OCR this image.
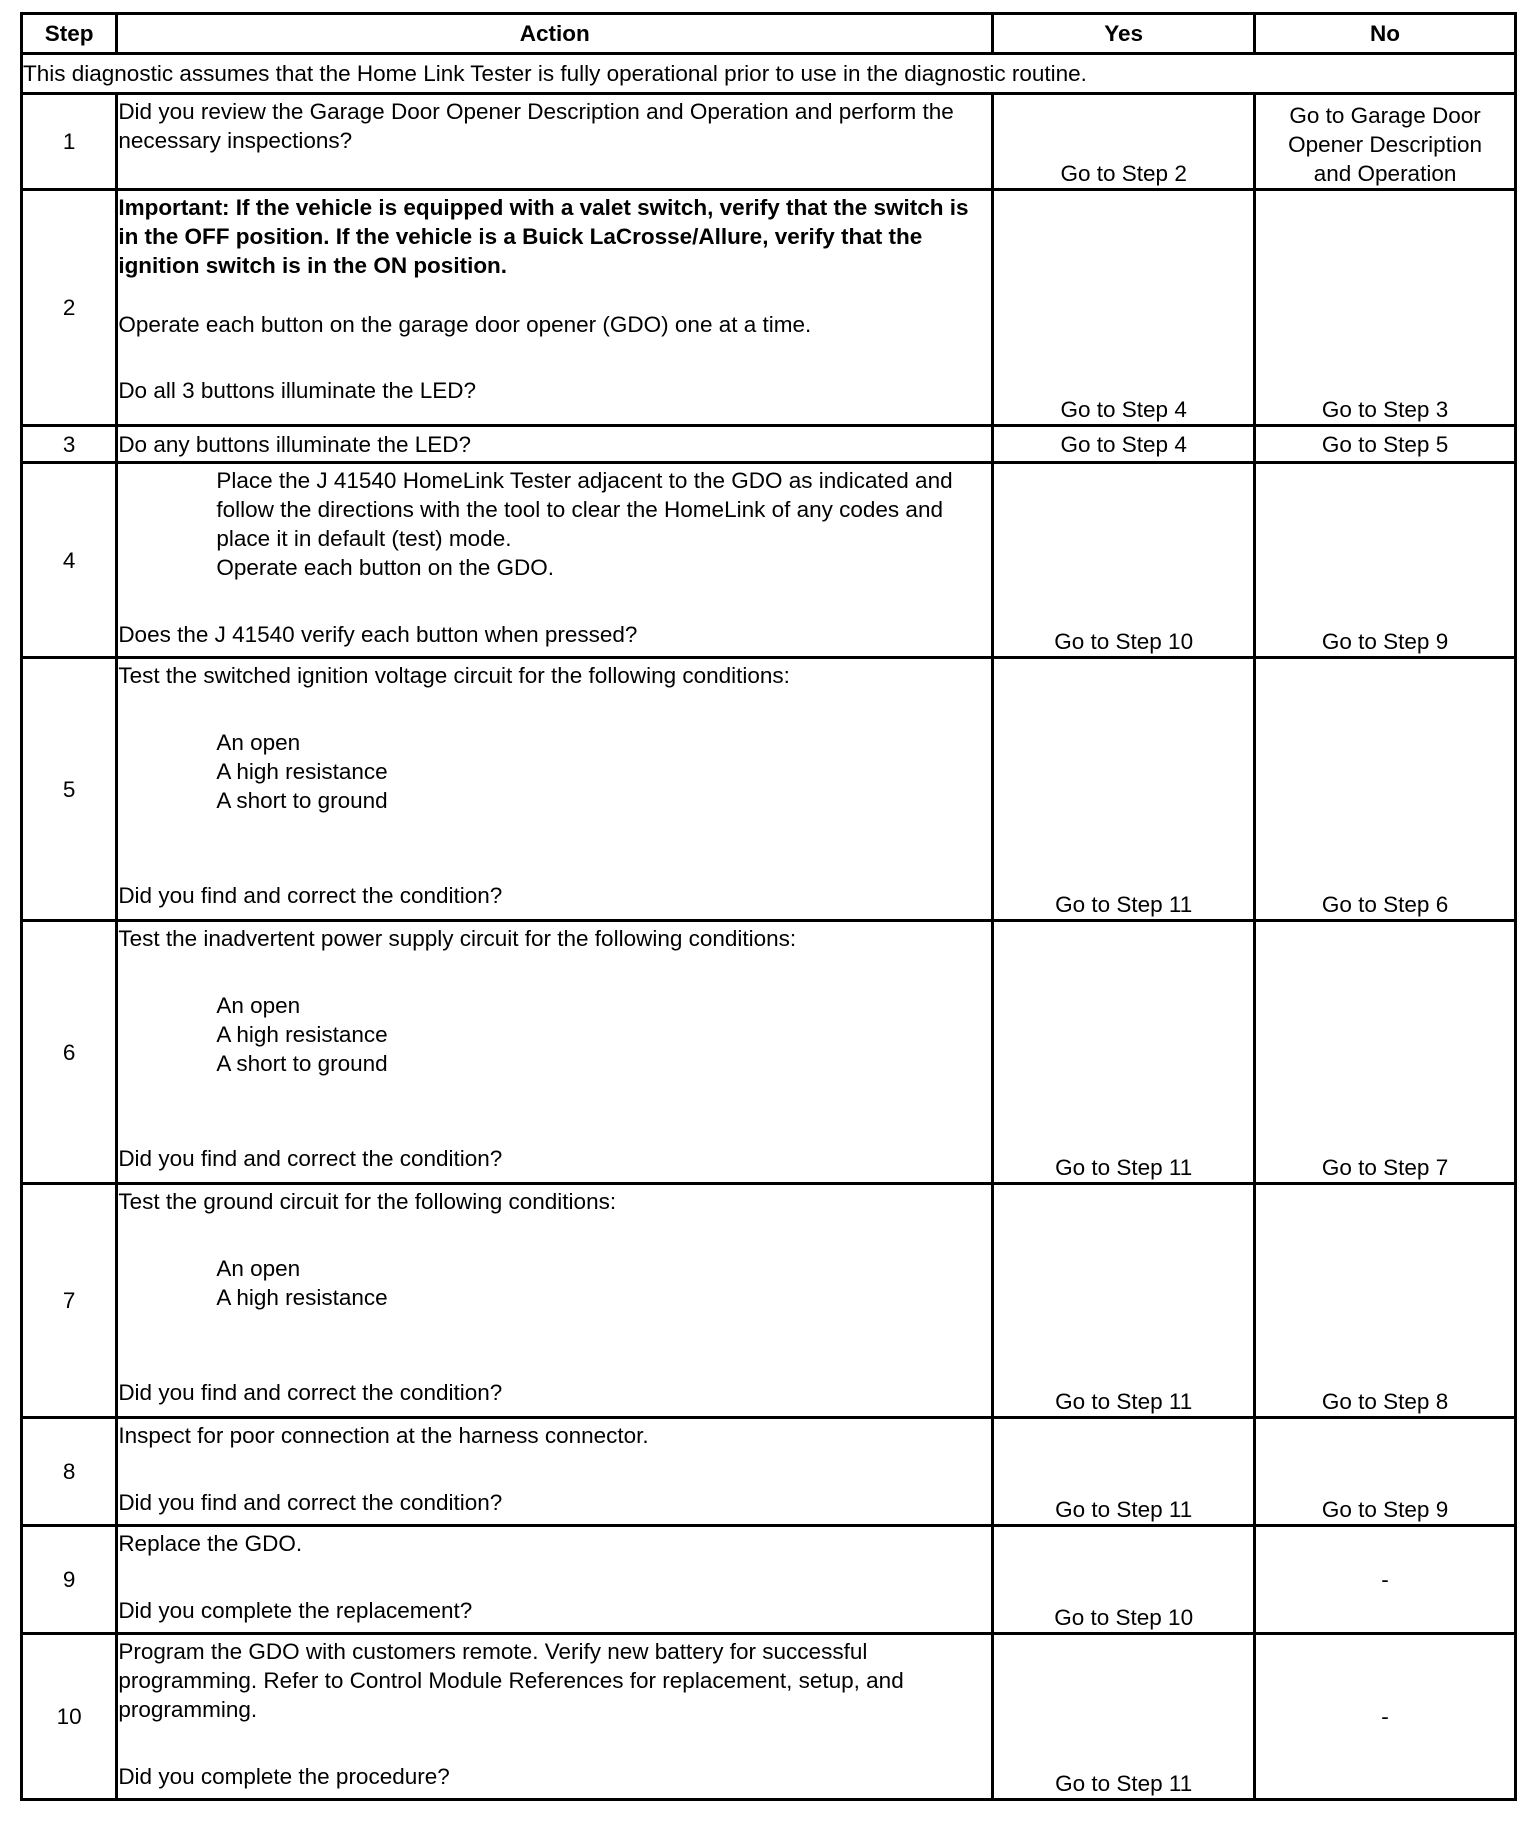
Step	Action	Yes	No
This diagnostic assumes that the Home Link Tester is fully operational prior to use in the diagnostic routine.			
1	Did you review the Garage Door Opener Description and Operation and perform the necessary inspections?	Go to Step 2	Go to Garage Door
Opener Description
and Operation

2	Important: If the vehicle is equipped with a valet switch, verify that the switch is in the OFF position. If the vehicle is a Buick LaCrosse/Allure, verify that the ignition switch is in the ON position.

Operate each button on the garage door opener (GDO) one at a time.

Do all 3 buttons illuminate the LED?	Go to Step 4	Go to Step 3
3	Do any buttons illuminate the LED?	Go to Step 4	Go to Step 5
4	Place the J 41540 HomeLink Tester adjacent to the GDO as indicated and follow the directions with the tool to clear the HomeLink of any codes and place it in default (test) mode.

Operate each button on the GDO.

Does the J 41540 verify each button when pressed?	Go to Step 10	Go to Step 9
5	Test the switched ignition voltage circuit for the following conditions:

An open

A high resistance

A short to ground

Did you find and correct the condition?	Go to Step 11	Go to Step 6
6	Test the inadvertent power supply circuit for the following conditions:

An open

A high resistance

A short to ground

Did you find and correct the condition?	Go to Step 11	Go to Step 7
7	Test the ground circuit for the following conditions:

An open

A high resistance

Did you find and correct the condition?	Go to Step 11	Go to Step 8
8	Inspect for poor connection at the harness connector.

Did you find and correct the condition?	Go to Step 11	Go to Step 9
9	Replace the GDO.

Did you complete the replacement?	Go to Step 10	-
10	Program the GDO with customers remote. Verify new battery for successful programming. Refer to Control Module References for replacement, setup, and programming.

Did you complete the procedure?	Go to Step 11	-
